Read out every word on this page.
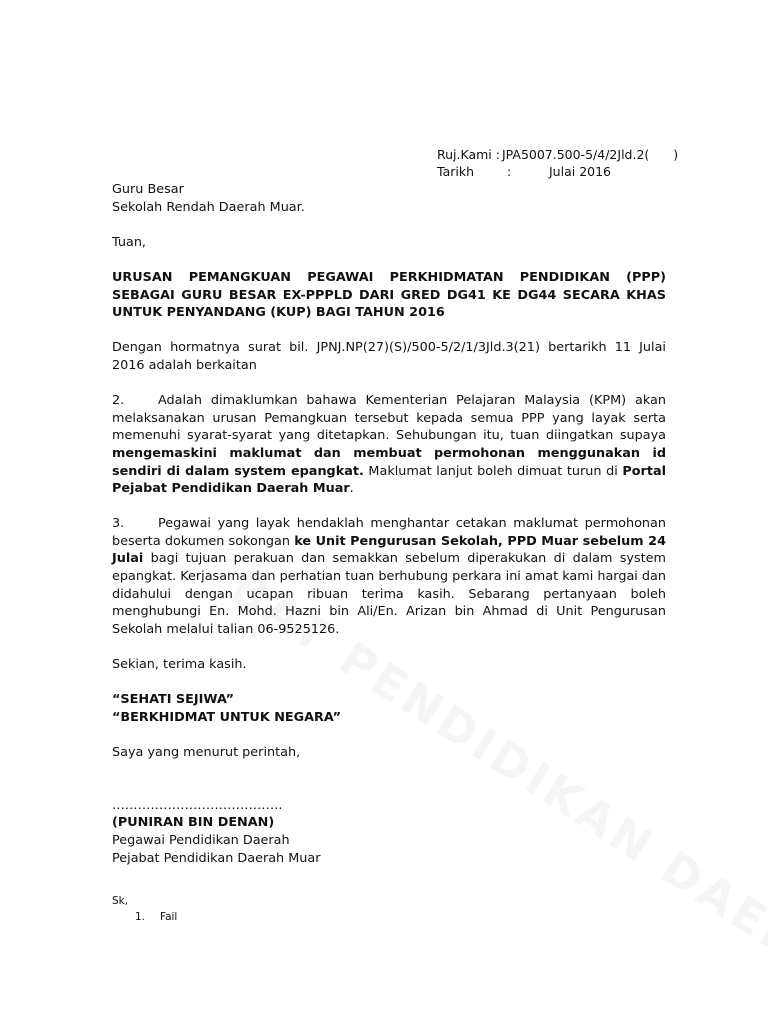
Ruj.Kami : JPA5007.500-5/4/2Jld.2( )
Tarikh	:	Julai 2016

Guru Besar

Sekolah Rendah Daerah Muar.

Tuan,

URUSAN PEMANGKUAN PEGAWAI PERKHIDMATAN PENDIDIKAN (PPP) SEBAGAI GURU BESAR EX-PPPLD DARI GRED DG41 KE DG44 SECARA KHAS UNTUK PENYANDANG (KUP) BAGI TAHUN 2016

Dengan hormatnya surat bil. JPNJ.NP(27)(S)/500-5/2/1/3Jld.3(21) bertarikh 11 Julai 2016 adalah berkaitan

2.	Adalah dimaklumkan bahawa Kementerian Pelajaran Malaysia (KPM) akan melaksanakan urusan Pemangkuan tersebut kepada semua PPP yang layak serta memenuhi syarat-syarat yang ditetapkan. Sehubungan itu, tuan diingatkan supaya mengemaskini maklumat dan membuat permohonan menggunakan id sendiri di dalam system epangkat. Maklumat lanjut boleh dimuat turun di Portal Pejabat Pendidikan Daerah Muar.

3.	Pegawai yang layak hendaklah menghantar cetakan maklumat permohonan beserta dokumen sokongan ke Unit Pengurusan Sekolah, PPD Muar sebelum 24 Julai bagi tujuan perakuan dan semakkan sebelum diperakukan di dalam system epangkat. Kerjasama dan perhatian tuan berhubung perkara ini amat kami hargai dan didahului dengan ucapan ribuan terima kasih. Sebarang pertanyaan boleh menghubungi En. Mohd. Hazni bin Ali/En. Arizan bin Ahmad di Unit Pengurusan Sekolah melalui talian 06-9525126.

Sekian, terima kasih.

“SEHATI SEJIWA”

“BERKHIDMAT UNTUK NEGARA”

Saya yang menurut perintah,

………………………………….

(PUNIRAN BIN DENAN)

Pegawai Pendidikan Daerah

Pejabat Pendidikan Daerah Muar

Sk,
1. Fail
